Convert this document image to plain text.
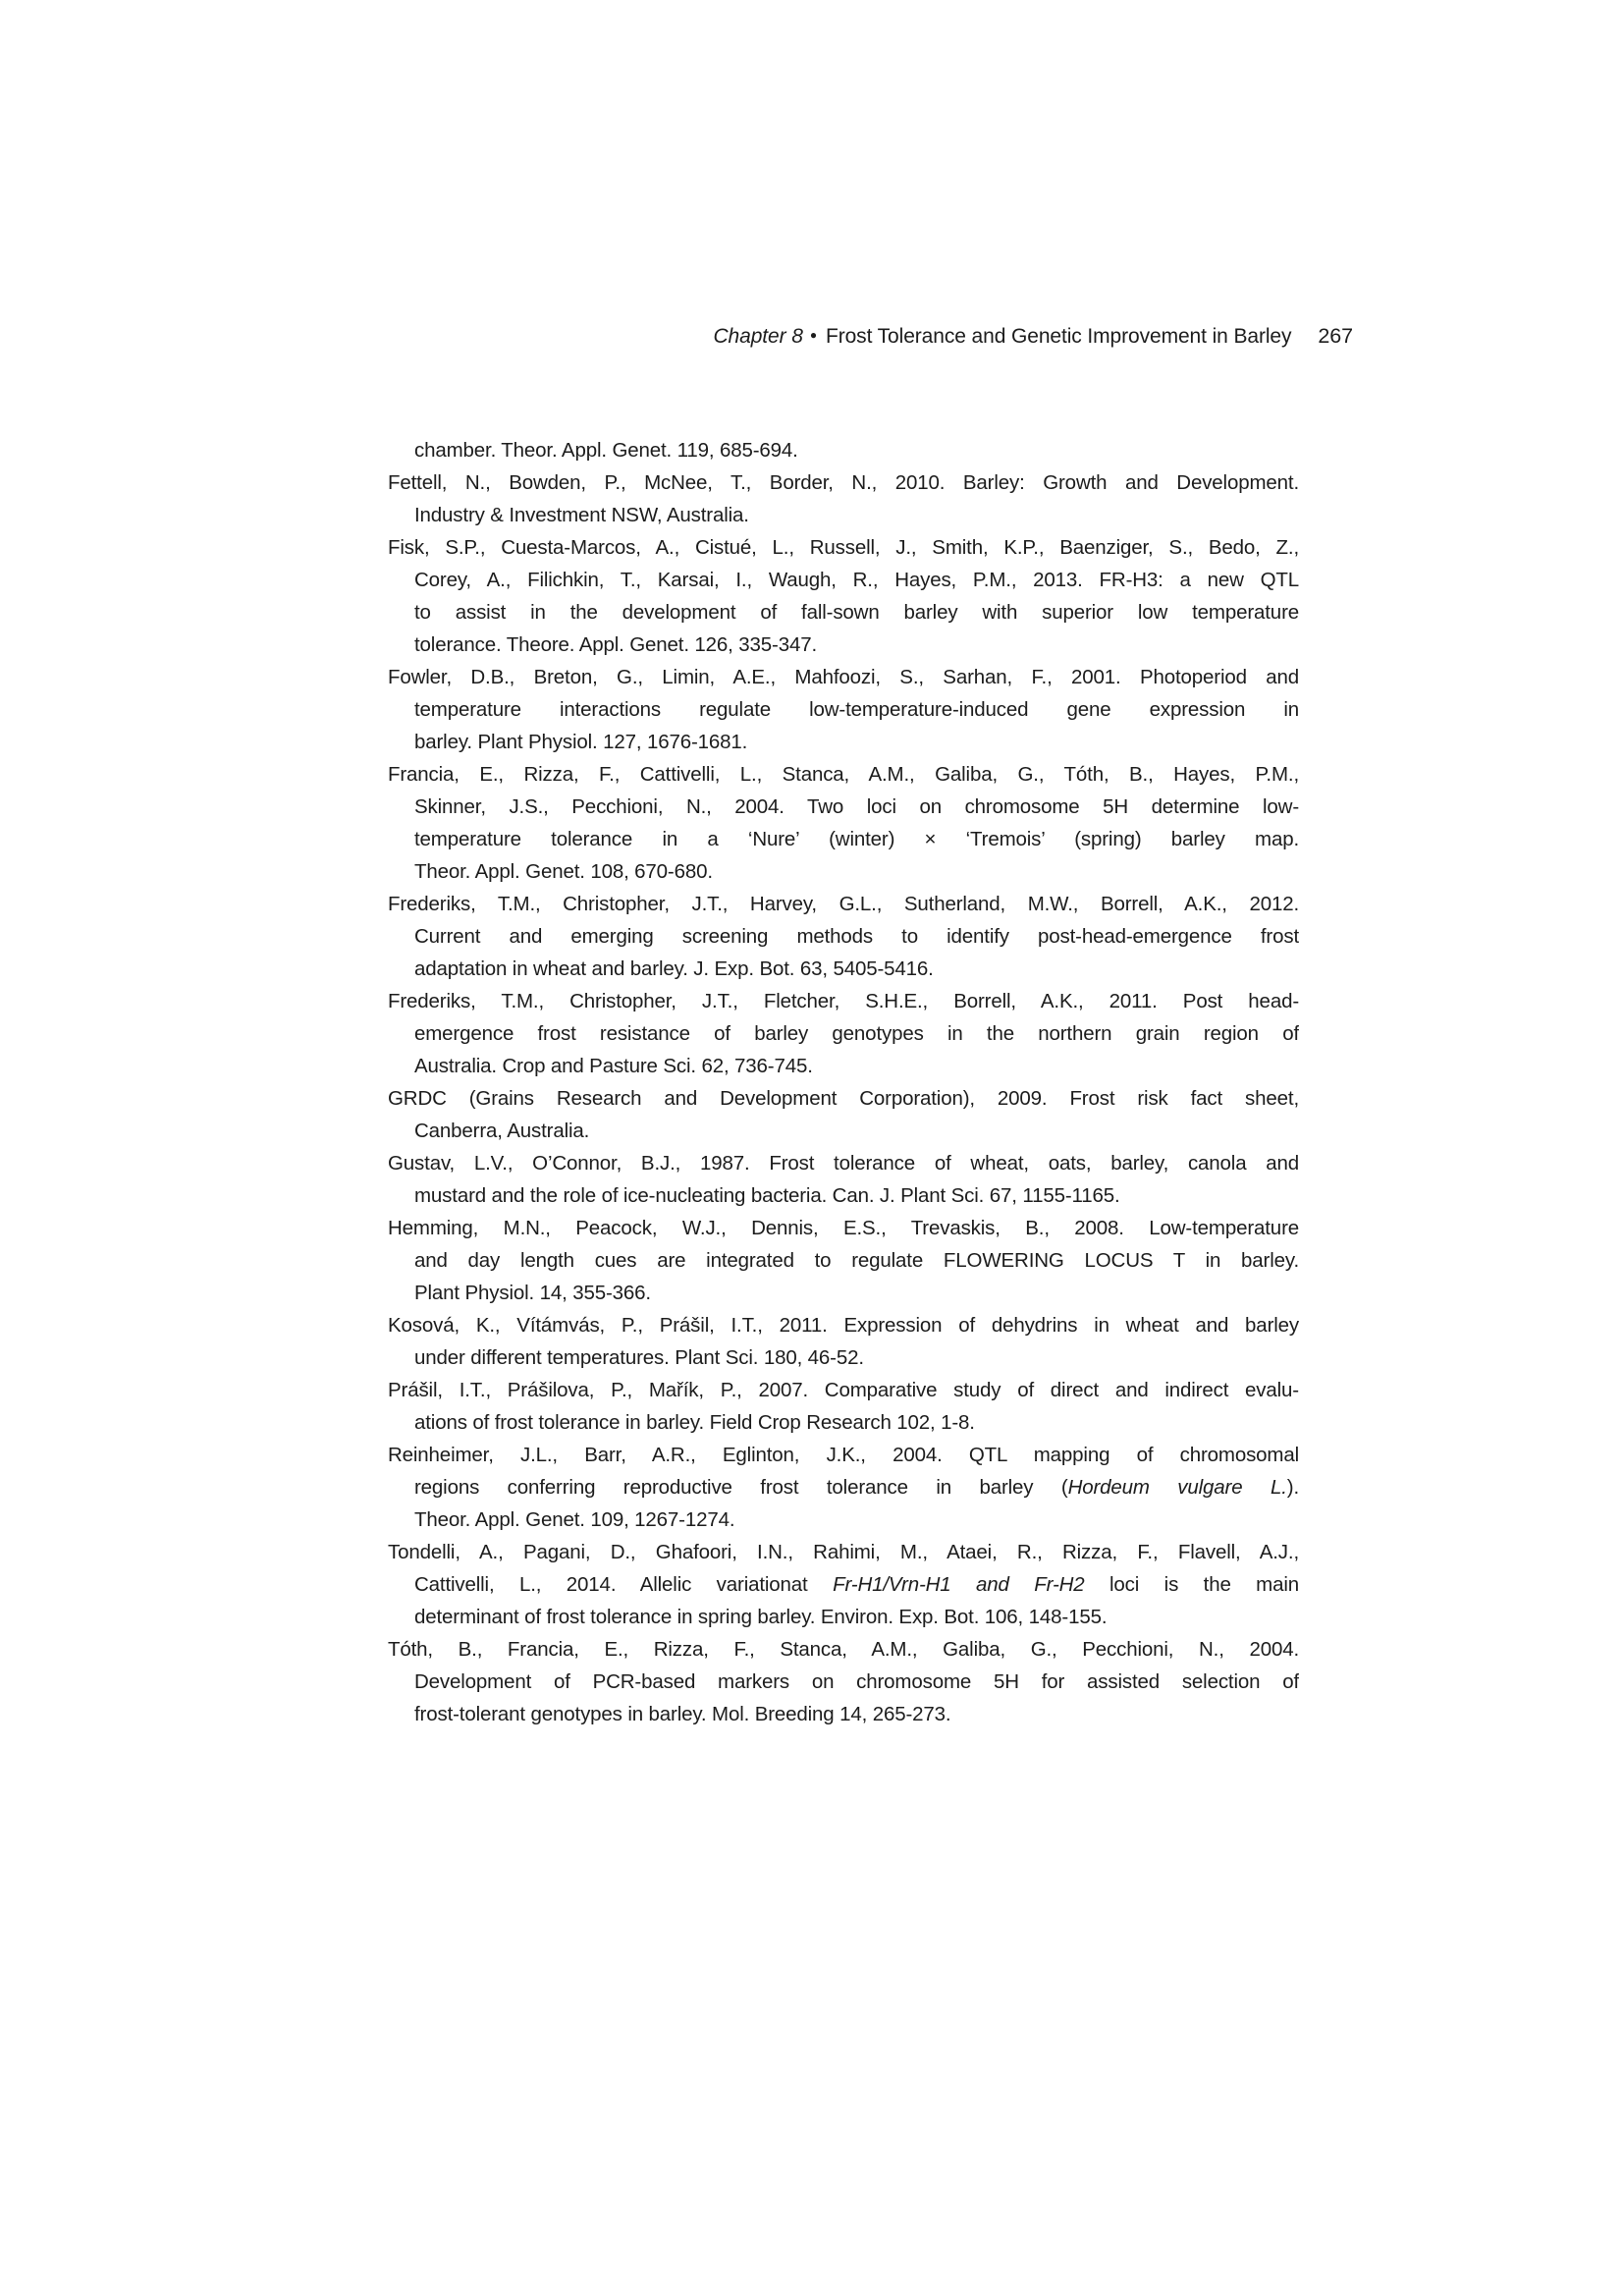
Chapter 8 ● Frost Tolerance and Genetic Improvement in Barley 267
chamber. Theor. Appl. Genet. 119, 685-694.
Fettell, N., Bowden, P., McNee, T., Border, N., 2010. Barley: Growth and Development.
Industry & Investment NSW, Australia.
Fisk, S.P., Cuesta-Marcos, A., Cistué, L., Russell, J., Smith, K.P., Baenziger, S., Bedo, Z.,
Corey, A., Filichkin, T., Karsai, I., Waugh, R., Hayes, P.M., 2013. FR-H3: a new QTL
to assist in the development of fall-sown barley with superior low temperature
tolerance. Theore. Appl. Genet. 126, 335-347.
Fowler, D.B., Breton, G., Limin, A.E., Mahfoozi, S., Sarhan, F., 2001. Photoperiod and
temperature interactions regulate low-temperature-induced gene expression in
barley. Plant Physiol. 127, 1676-1681.
Francia, E., Rizza, F., Cattivelli, L., Stanca, A.M., Galiba, G., Tóth, B., Hayes, P.M.,
Skinner, J.S., Pecchioni, N., 2004. Two loci on chromosome 5H determine low-
temperature tolerance in a ‘Nure’ (winter) × ‘Tremois’ (spring) barley map.
Theor. Appl. Genet. 108, 670-680.
Frederiks, T.M., Christopher, J.T., Harvey, G.L., Sutherland, M.W., Borrell, A.K., 2012.
Current and emerging screening methods to identify post-head-emergence frost
adaptation in wheat and barley. J. Exp. Bot. 63, 5405-5416.
Frederiks, T.M., Christopher, J.T., Fletcher, S.H.E., Borrell, A.K., 2011. Post head-
emergence frost resistance of barley genotypes in the northern grain region of
Australia. Crop and Pasture Sci. 62, 736-745.
GRDC (Grains Research and Development Corporation), 2009. Frost risk fact sheet,
Canberra, Australia.
Gustav, L.V., O’Connor, B.J., 1987. Frost tolerance of wheat, oats, barley, canola and
mustard and the role of ice-nucleating bacteria. Can. J. Plant Sci. 67, 1155-1165.
Hemming, M.N., Peacock, W.J., Dennis, E.S., Trevaskis, B., 2008. Low-temperature
and day length cues are integrated to regulate FLOWERING LOCUS T in barley.
Plant Physiol. 14, 355-366.
Kosová, K., Vítámvás, P., Prášil, I.T., 2011. Expression of dehydrins in wheat and barley
under different temperatures. Plant Sci. 180, 46-52.
Prášil, I.T., Prášilova, P., Mařík, P., 2007. Comparative study of direct and indirect evalu-
ations of frost tolerance in barley. Field Crop Research 102, 1-8.
Reinheimer, J.L., Barr, A.R., Eglinton, J.K., 2004. QTL mapping of chromosomal
regions conferring reproductive frost tolerance in barley (Hordeum vulgare L.).
Theor. Appl. Genet. 109, 1267-1274.
Tondelli, A., Pagani, D., Ghafoori, I.N., Rahimi, M., Ataei, R., Rizza, F., Flavell, A.J.,
Cattivelli, L., 2014. Allelic variationat Fr-H1/Vrn-H1 and Fr-H2 loci is the main
determinant of frost tolerance in spring barley. Environ. Exp. Bot. 106, 148-155.
Tóth, B., Francia, E., Rizza, F., Stanca, A.M., Galiba, G., Pecchioni, N., 2004.
Development of PCR-based markers on chromosome 5H for assisted selection of
frost-tolerant genotypes in barley. Mol. Breeding 14, 265-273.
